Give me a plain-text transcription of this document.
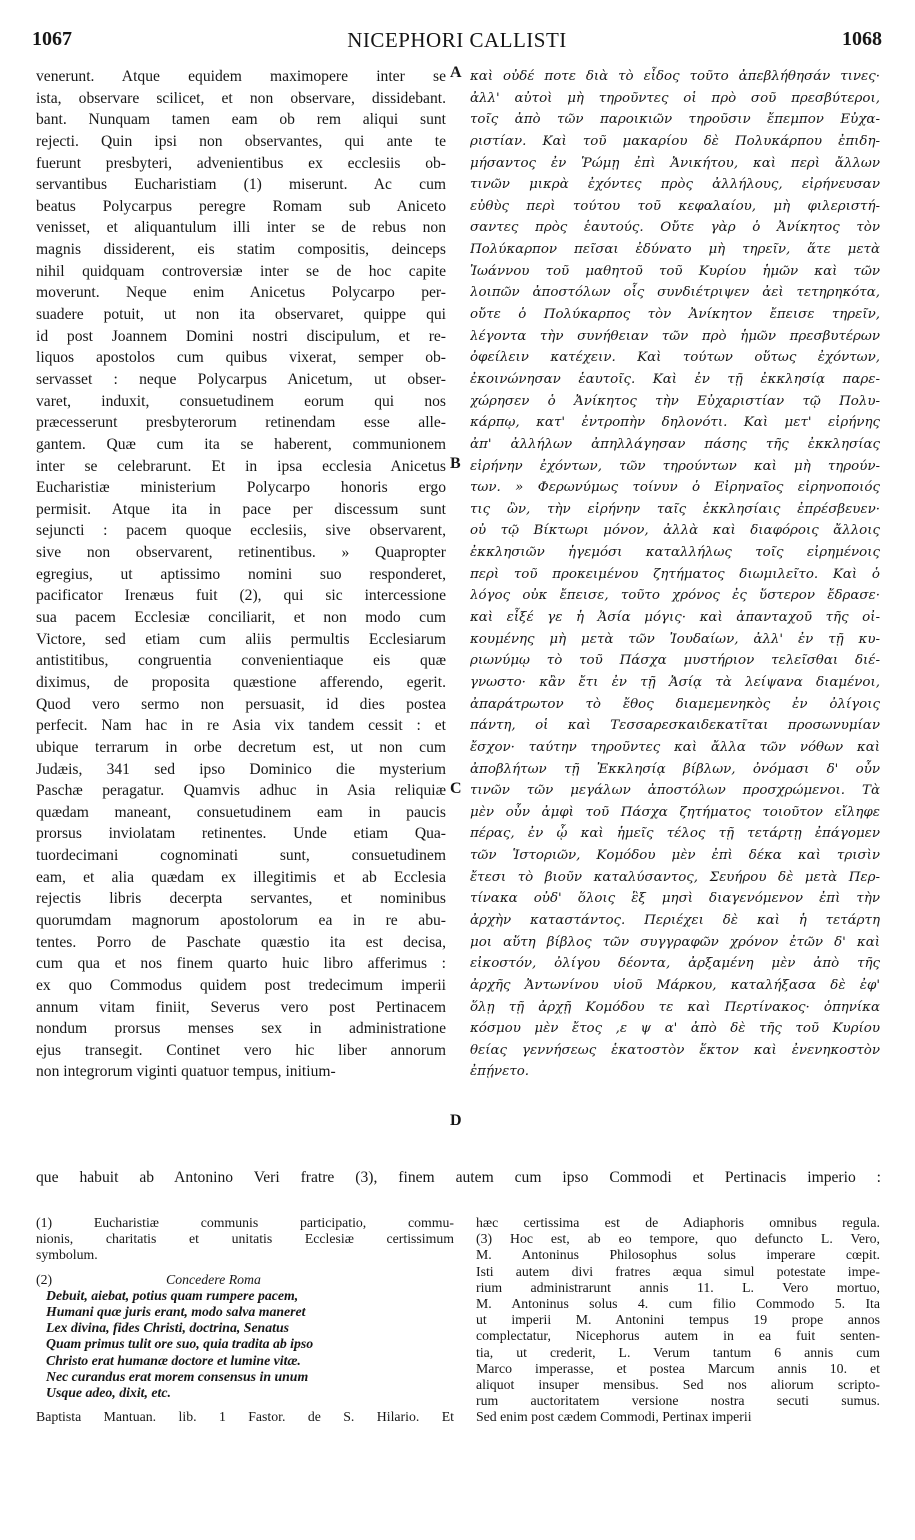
1067	NICEPHORI CALLISTI	1068
venerunt. Atque equidem maximopere inter se
ista, observare scilicet, et non observare, dissidebant.
bant. Nunquam tamen eam ob rem aliqui sunt
rejecti. Quin ipsi non observantes, qui ante te
fuerunt presbyteri, advenientibus ex ecclesiis ob-
servantibus Eucharistiam (1) miserunt. Ac cum
beatus Polycarpus peregre Romam sub Aniceto
venisset, et aliquantulum illi inter se de rebus non
magnis dissiderent, eis statim compositis, deinceps
nihil quidquam controversiæ inter se de hoc capite
moverunt. Neque enim Anicetus Polycarpo per-
suadere potuit, ut non ita observaret, quippe qui
id post Joannem Domini nostri discipulum, et re-
liquos apostolos cum quibus vixerat, semper ob-
servasset : neque Polycarpus Anicetum, ut obser-
varet, induxit, consuetudinem eorum qui nos
præcesserunt presbyterorum retinendam esse alle-
gantem. Quæ cum ita se haberent, communionem
inter se celebrarunt. Et in ipsa ecclesia Anicetus
Eucharistiæ ministerium Polycarpo honoris ergo
permisit. Atque ita in pace per discessum sunt
sejuncti : pacem quoque ecclesiis, sive observarent,
sive non observarent, retinentibus. » Quapropter
egregius, ut aptissimo nomini suo responderet,
pacificator Irenæus fuit (2), qui sic intercessione
sua pacem Ecclesiæ conciliarit, et non modo cum
Victore, sed etiam cum aliis permultis Ecclesiarum
antistitibus, congruentia convenientiaque eis quæ
diximus, de proposita quæstione afferendo, egerit.
Quod vero sermo non persuasit, id dies postea
perfecit. Nam hac in re Asia vix tandem cessit : et
ubique terrarum in orbe decretum est, ut non cum
Judæis, 341 sed ipso Dominico die mysterium
Paschæ peragatur. Quamvis adhuc in Asia reliquiæ
quædam maneant, consuetudinem eam in paucis
prorsus inviolatam retinentes. Unde etiam Qua-
tuordecimani cognominati sunt, consuetudinem
eam, et alia quædam ex illegitimis et ab Ecclesia
rejectis libris decerpta servantes, et nominibus
quorumdam magnorum apostolorum ea in re abu-
tentes. Porro de Paschate quæstio ita est decisa,
cum qua et nos finem quarto huic libro afferimus :
ex quo Commodus quidem post tredecimum imperii
annum vitam finiit, Severus vero post Pertinacem
nondum prorsus menses sex in administratione
ejus transegit. Continet vero hic liber annorum
non integrorum viginti quatuor tempus, initium-
καὶ οὐδέ ποτε διὰ τὸ εἶδος τοῦτο ἀπεβλήθησάν τινες·
ἀλλ' αὐτοὶ μὴ τηροῦντες οἱ πρὸ σοῦ πρεσβύτεροι,
τοῖς ἀπὸ τῶν παροικιῶν τηροῦσιν ἔπεμπον Εὐχα-
ριστίαν. Καὶ τοῦ μακαρίου δὲ Πολυκάρπου ἐπιδη-
μήσαντος ἐν Ῥώμῃ ἐπὶ Ἀνικήτου, καὶ περὶ ἄλλων
τινῶν μικρὰ ἐχόντες πρὸς ἀλλήλους, εἰρήνευσαν
εὐθὺς περὶ τούτου τοῦ κεφαλαίου, μὴ φιλεριστή-
σαντες πρὸς ἑαυτούς. Οὔτε γὰρ ὁ Ἀνίκητος τὸν
Πολύκαρπον πεῖσαι ἐδύνατο μὴ τηρεῖν, ἅτε μετὰ
Ἰωάννου τοῦ μαθητοῦ τοῦ Κυρίου ἡμῶν καὶ τῶν
λοιπῶν ἀποστόλων οἷς συνδιέτριψεν ἀεὶ τετηρηκότα,
οὔτε ὁ Πολύκαρπος τὸν Ἀνίκητον ἔπεισε τηρεῖν,
λέγοντα τὴν συνήθειαν τῶν πρὸ ἡμῶν πρεσβυτέρων
ὀφείλειν κατέχειν. Καὶ τούτων οὕτως ἐχόντων,
ἐκοινώνησαν ἑαυτοῖς. Καὶ ἐν τῇ ἐκκλησίᾳ παρε-
χώρησεν ὁ Ἀνίκητος τὴν Εὐχαριστίαν τῷ Πολυ-
κάρπῳ, κατ' ἐντροπὴν δηλονότι. Καὶ μετ' εἰρήνης
ἀπ' ἀλλήλων ἀπηλλάγησαν πάσης τῆς ἐκκλησίας
εἰρήνην ἐχόντων, τῶν τηρούντων καὶ μὴ τηρούν-
των. » Φερωνύμως τοίνυν ὁ Εἰρηναῖος εἰρηνοποιός
τις ὢν, τὴν εἰρήνην ταῖς ἐκκλησίαις ἐπρέσβευεν·
οὐ τῷ Βίκτωρι μόνον, ἀλλὰ καὶ διαφόροις ἄλλοις
ἐκκλησιῶν ἡγεμόσι καταλλήλως τοῖς εἰρημένοις
περὶ τοῦ προκειμένου ζητήματος διωμιλεῖτο. Καὶ ὁ
λόγος οὐκ ἔπεισε, τοῦτο χρόνος ἐς ὕστερον ἔδρασε·
καὶ εἶξέ γε ἡ Ἀσία μόγις· καὶ ἁπανταχοῦ τῆς οἰ-
κουμένης μὴ μετὰ τῶν Ἰουδαίων, ἀλλ' ἐν τῇ κυ-
ριωνύμῳ τὸ τοῦ Πάσχα μυστήριον τελεῖσθαι διέ-
γνωστο· κἂν ἔτι ἐν τῇ Ἀσίᾳ τὰ λείψανα διαμένοι,
ἀπαράτρωτον τὸ ἔθος διαμεμενηκὸς ἐν ὀλίγοις
πάντη, οἱ καὶ Τεσσαρεσκαιδεκατῖται προσωνυμίαν
ἔσχον· ταύτην τηροῦντες καὶ ἄλλα τῶν νόθων καὶ
ἀποβλήτων τῇ Ἐκκλησίᾳ βίβλων, ὀνόμασι δ' οὖν
τινῶν τῶν μεγάλων ἀποστόλων προσχρώμενοι. Τὰ
μὲν οὖν ἀμφὶ τοῦ Πάσχα ζητήματος τοιοῦτον εἴληφε
πέρας, ἐν ᾧ καὶ ἡμεῖς τέλος τῇ τετάρτῃ ἐπάγομεν
τῶν Ἱστοριῶν, Κομόδου μὲν ἐπὶ δέκα καὶ τρισὶν
ἔτεσι τὸ βιοῦν καταλύσαντος, Σευήρου δὲ μετὰ Περ-
τίνακα οὐδ' ὅλοις ἓξ μησὶ διαγενόμενον ἐπὶ τὴν
ἀρχὴν καταστάντος. Περιέχει δὲ καὶ ἡ τετάρτη
μοι αὕτη βίβλος τῶν συγγραφῶν χρόνον ἐτῶν δ' καὶ
εἰκοστόν, ὀλίγου δέοντα, ἀρξαμένη μὲν ἀπὸ τῆς
ἀρχῆς Ἀντωνίνου υἱοῦ Μάρκου, καταλήξασα δὲ ἐφ'
ὅλῃ τῇ ἀρχῇ Κομόδου τε καὶ Περτίνακος· ὁπηνίκα
κόσμου μὲν ἔτος ,ε ψ α' ἀπὸ δὲ τῆς τοῦ Κυρίου
θείας γεννήσεως ἑκατοστὸν ἕκτον καὶ ἐνενηκοστὸν
ἐπῄνετο.
A
B
C
D
que habuit ab Antonino Veri fratre (3), finem autem cum ipso Commodi et Pertinacis imperio :
(1) Eucharistiæ communis participatio, commu-
nionis, charitatis et unitatis Ecclesiæ certissimum
symbolum.
(2)	Concedere Roma
Debuit, aiebat, potius quam rumpere pacem,
Humani quæ juris erant, modo salva maneret
Lex divina, fides Christi, doctrina, Senatus
Quam primus tulit ore suo, quia tradita ab ipso
Christo erat humanæ doctore et lumine vitæ.
Nec curandus erat morem consensus in unum
Usque adeo, dixit, etc.
Baptista Mantuan. lib. 1 Fastor. de S. Hilario. Et
hæc certissima est de Adiaphoris omnibus regula.
(3) Hoc est, ab eo tempore, quo defuncto L. Vero,
M. Antoninus Philosophus solus imperare cœpit.
Isti autem divi fratres æqua simul potestate impe-
rium administrarunt annis 11. L. Vero mortuo,
M. Antoninus solus 4. cum filio Commodo 5. Ita
ut imperii M. Antonini tempus 19 prope annos
complectatur, Nicephorus autem in ea fuit senten-
tia, ut crederit, L. Verum tantum 6 annis cum
Marco imperasse, et postea Marcum annis 10. et
aliquot insuper mensibus. Sed nos aliorum scripto-
rum auctoritatem versione nostra secuti sumus.
Sed enim post cædem Commodi, Pertinax imperii
